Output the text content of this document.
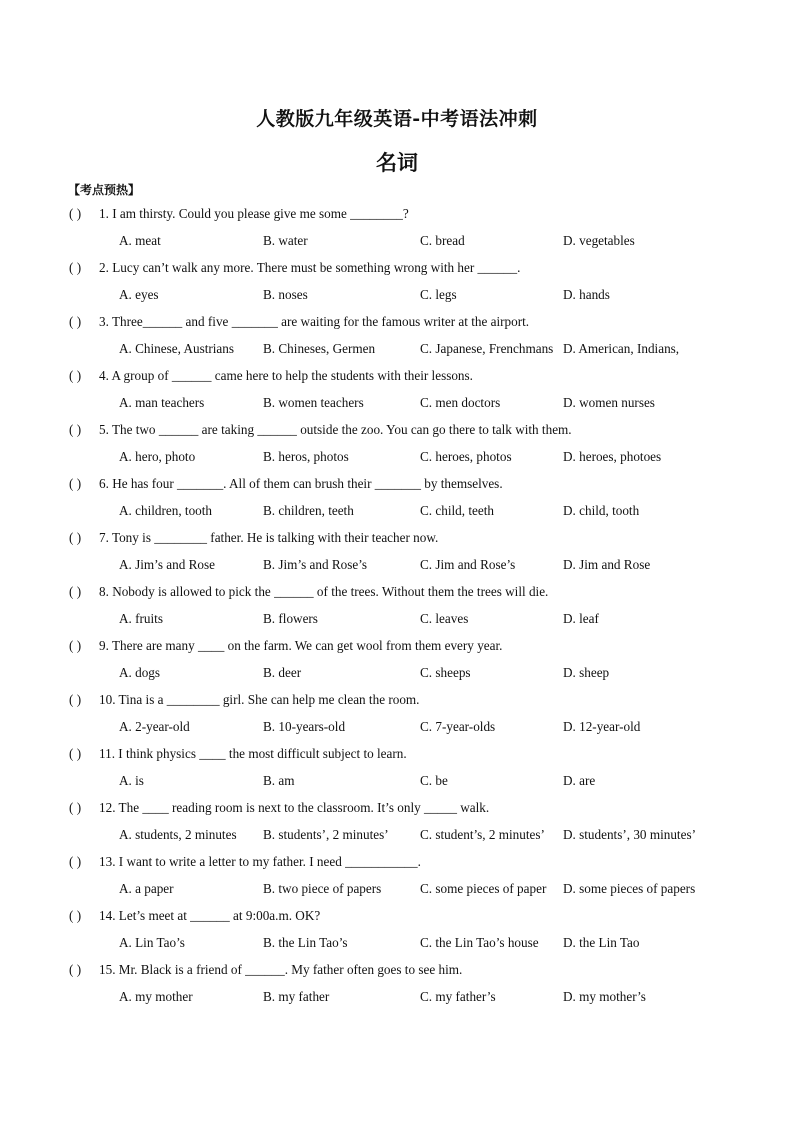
人教版九年级英语-中考语法冲刺
名词
【考点预热】
( ) 1. I am thirsty. Could you please give me some ________?
A. meat	B. water	C. bread	D. vegetables
( ) 2. Lucy can’t walk any more. There must be something wrong with her ______.
A. eyes	B. noses	C. legs	D. hands
( ) 3. Three______ and five _______ are waiting for the famous writer at the airport.
A. Chinese, Austrians B. Chineses, Germen	C. Japanese, Frenchmans D. American, Indians,
( ) 4. A group of ______ came here to help the students with their lessons.
A. man teachers	B. women teachers	C. men doctors	D. women nurses
( ) 5. The two ______ are taking ______ outside the zoo. You can go there to talk with them.
A. hero, photo	B. heros, photos	C. heroes, photos	D. heroes, photoes
( ) 6. He has four _______. All of them can brush their _______ by themselves.
A. children, tooth	B. children, teeth	C. child, teeth	D. child, tooth
( ) 7. Tony is ________ father. He is talking with their teacher now.
A. Jim’s and Rose	B. Jim’s and Rose’s	C. Jim and Rose’s	D. Jim and Rose
( ) 8. Nobody is allowed to pick the ______ of the trees. Without them the trees will die.
A. fruits	B. flowers	C. leaves	D. leaf
( ) 9. There are many ____ on the farm. We can get wool from them every year.
A. dogs	B. deer	C. sheeps	D. sheep
( ) 10. Tina is a ________ girl. She can help me clean the room.
A. 2-year-old	B. 10-years-old	C. 7-year-olds	D. 12-year-old
( ) 11. I think physics ____ the most difficult subject to learn.
A. is	B. am	C. be	D. are
( ) 12. The ____ reading room is next to the classroom. It’s only _____ walk.
A. students, 2 minutes B. students’, 2 minutes’ C. student’s, 2 minutes’ D. students’, 30 minutes’
( ) 13. I want to write a letter to my father. I need ___________.
A. a paper	B. two piece of papers	C. some pieces of paper D. some pieces of papers
( ) 14. Let’s meet at ______ at 9:00a.m. OK?
A. Lin Tao’s	B. the Lin Tao’s	C. the Lin Tao’s house D. the Lin Tao
( ) 15. Mr. Black is a friend of ______. My father often goes to see him.
A. my mother	B. my father	C. my father’s	D. my mother’s
